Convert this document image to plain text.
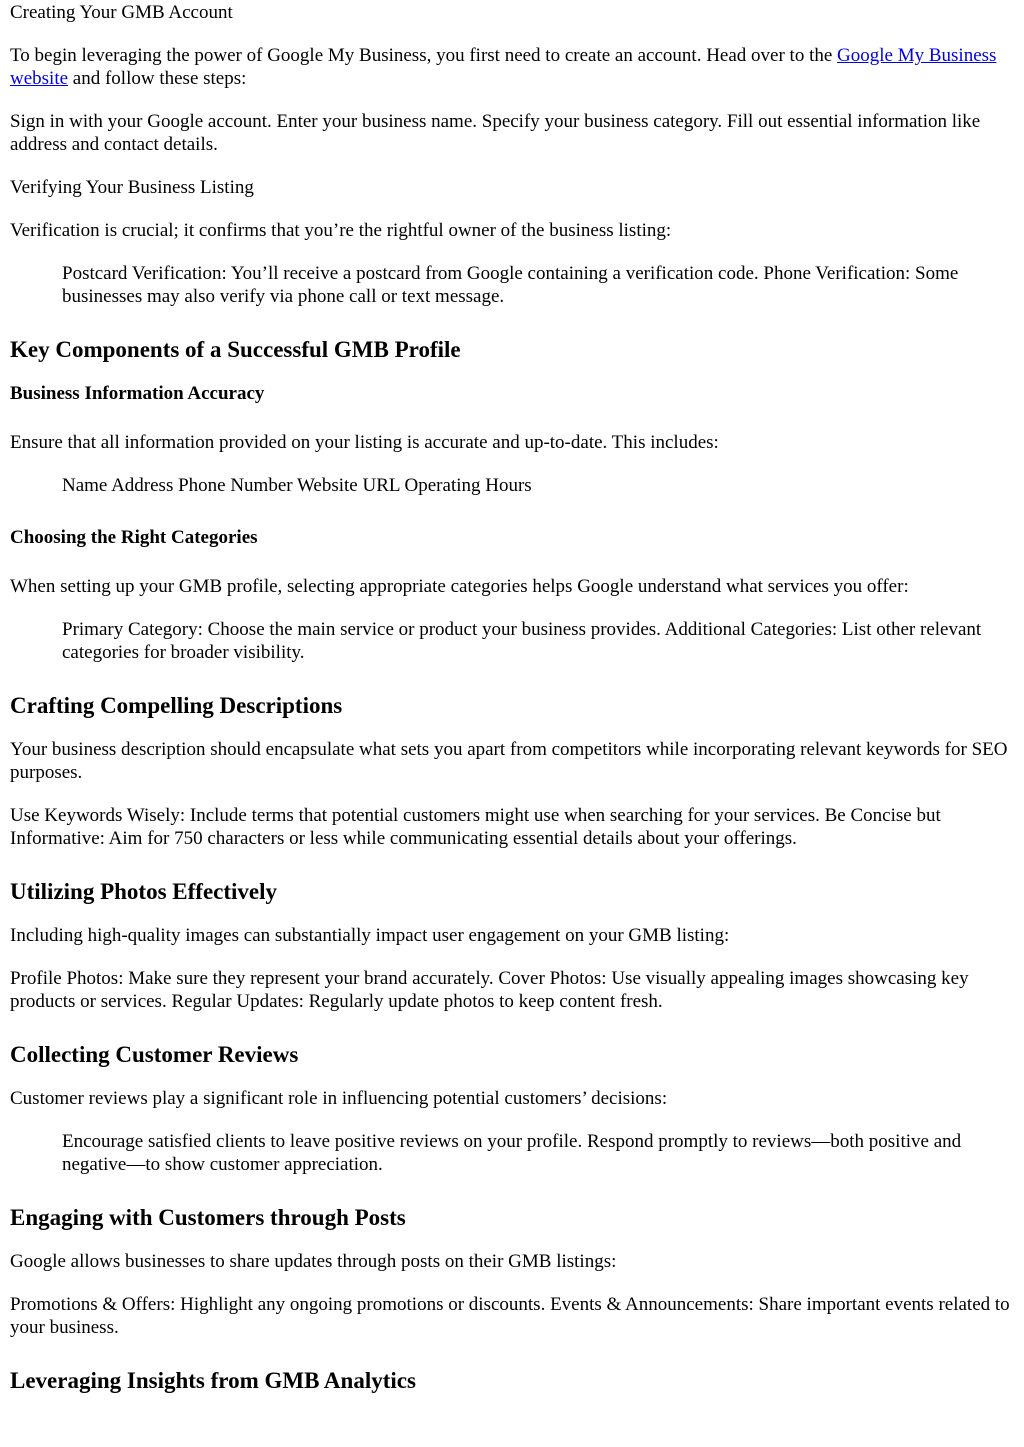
Creating Your GMB Account

To begin leveraging the power of Google My Business, you first need to create an account. Head over to the Google My Business website and follow these steps:

Sign in with your Google account. Enter your business name. Specify your business category. Fill out essential information like address and contact details.

Verifying Your Business Listing

Verification is crucial; it confirms that you’re the rightful owner of the business listing:

Postcard Verification: You’ll receive a postcard from Google containing a verification code. Phone Verification: Some businesses may also verify via phone call or text message.
Key Components of a Successful GMB Profile
Business Information Accuracy

Ensure that all information provided on your listing is accurate and up-to-date. This includes:

Name Address Phone Number Website URL Operating Hours
Choosing the Right Categories

When setting up your GMB profile, selecting appropriate categories helps Google understand what services you offer:

Primary Category: Choose the main service or product your business provides. Additional Categories: List other relevant categories for broader visibility.
Crafting Compelling Descriptions

Your business description should encapsulate what sets you apart from competitors while incorporating relevant keywords for SEO purposes.

Use Keywords Wisely: Include terms that potential customers might use when searching for your services. Be Concise but Informative: Aim for 750 characters or less while communicating essential details about your offerings.

Utilizing Photos Effectively

Including high-quality images can substantially impact user engagement on your GMB listing:

Profile Photos: Make sure they represent your brand accurately. Cover Photos: Use visually appealing images showcasing key products or services. Regular Updates: Regularly update photos to keep content fresh.

Collecting Customer Reviews

Customer reviews play a significant role in influencing potential customers’ decisions:

Encourage satisfied clients to leave positive reviews on your profile. Respond promptly to reviews—both positive and negative—to show customer appreciation.
Engaging with Customers through Posts

Google allows businesses to share updates through posts on their GMB listings:

Promotions & Offers: Highlight any ongoing promotions or discounts. Events & Announcements: Share important events related to your business.

Leveraging Insights from GMB Analytics
